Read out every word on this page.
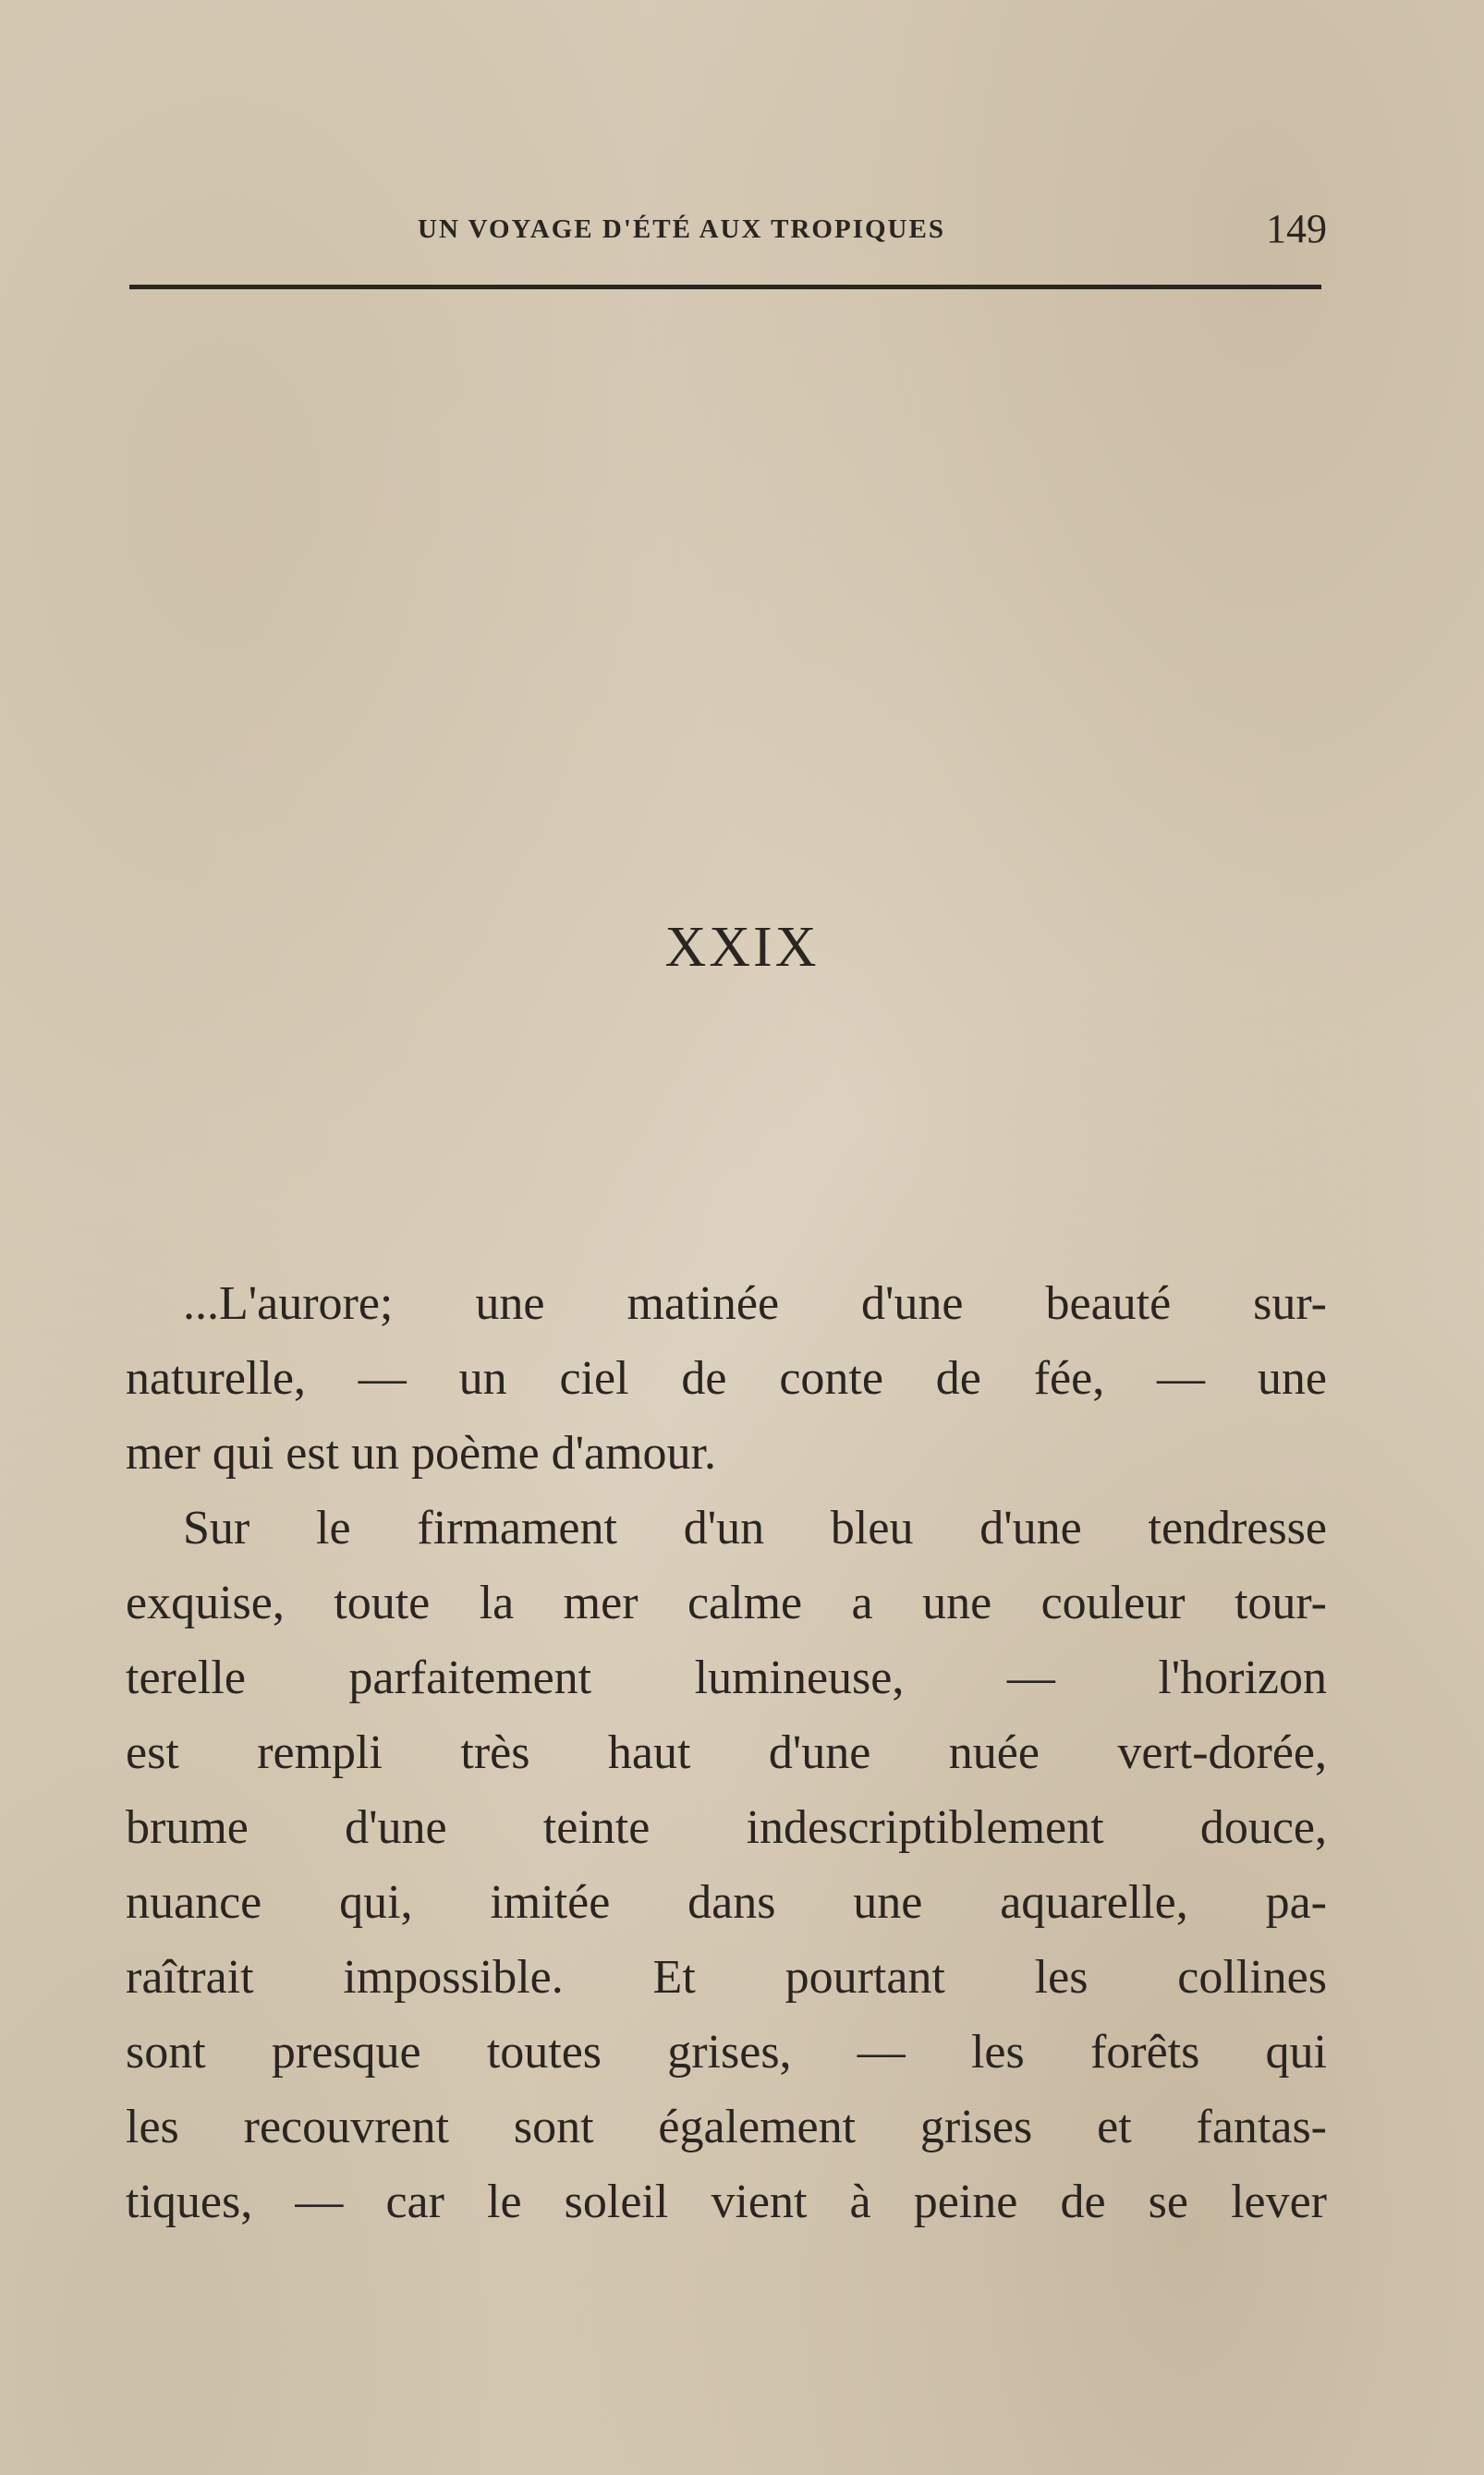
UN VOYAGE D'ÉTÉ AUX TROPIQUES	149
XXIX
...L'aurore; une matinée d'une beauté sur-
naturelle, — un ciel de conte de fée, — une
mer qui est un poème d'amour.
Sur le firmament d'un bleu d'une tendresse
exquise, toute la mer calme a une couleur tour-
terelle parfaitement lumineuse, — l'horizon
est rempli très haut d'une nuée vert-dorée,
brume d'une teinte indescriptiblement douce,
nuance qui, imitée dans une aquarelle, pa-
raîtrait impossible. Et pourtant les collines
sont presque toutes grises, — les forêts qui
les recouvrent sont également grises et fantas-
tiques, — car le soleil vient à peine de se lever
